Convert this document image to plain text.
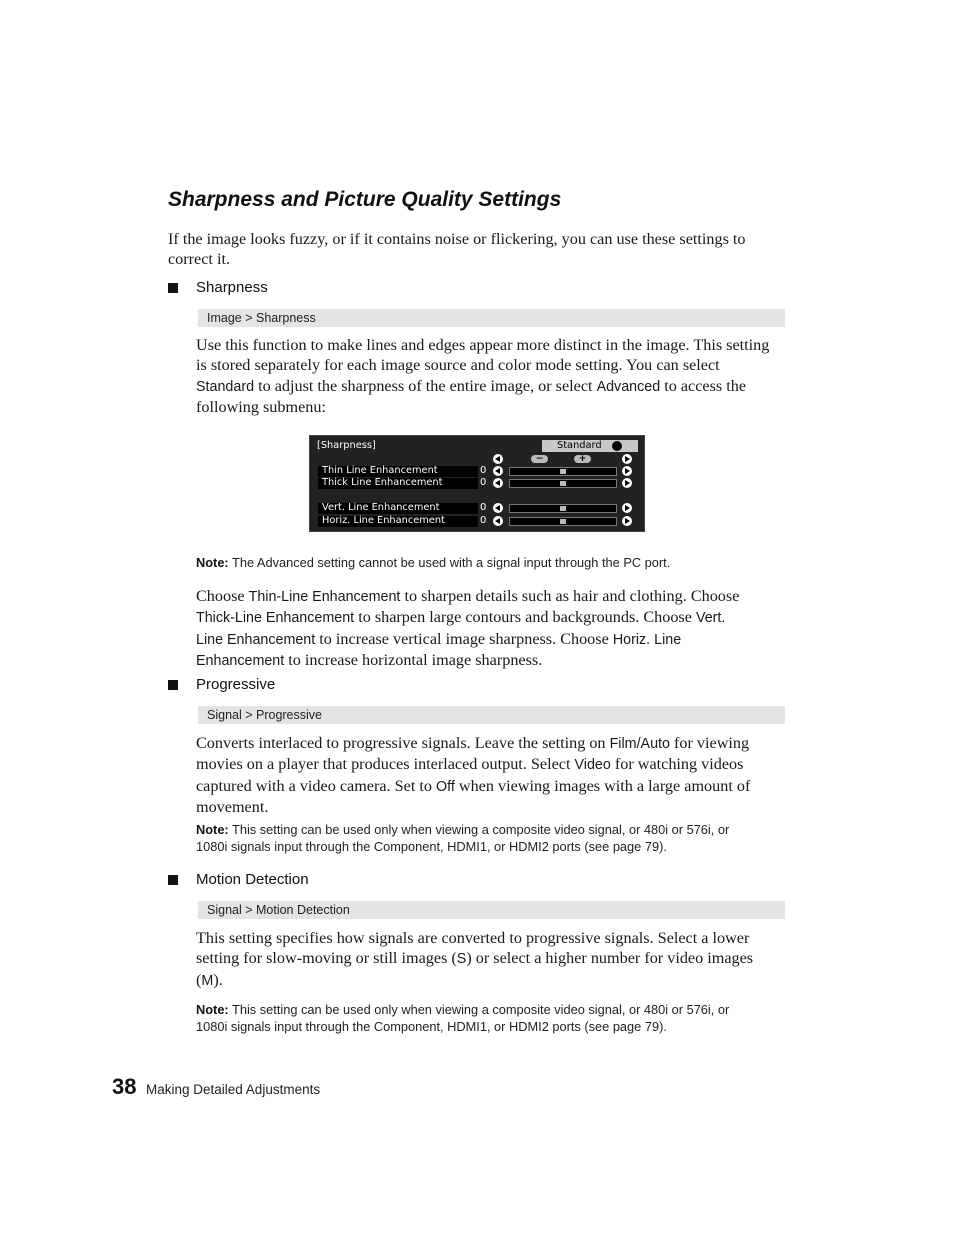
Sharpness and Picture Quality Settings
If the image looks fuzzy, or if it contains noise or flickering, you can use these settings to correct it.
Sharpness
Image > Sharpness
Use this function to make lines and edges appear more distinct in the image. This setting
is stored separately for each image source and color mode setting. You can select
Standard to adjust the sharpness of the entire image, or select Advanced to access the
following submenu:
[Sharpness]	Standard
−	+
Thin Line Enhancement	0
Thick Line Enhancement	0
Vert. Line Enhancement	0
Horiz. Line Enhancement	0
Note: The Advanced setting cannot be used with a signal input through the PC port.
Choose Thin-Line Enhancement to sharpen details such as hair and clothing. Choose
Thick-Line Enhancement to sharpen large contours and backgrounds. Choose Vert.
Line Enhancement to increase vertical image sharpness. Choose Horiz. Line
Enhancement to increase horizontal image sharpness.
Progressive
Signal > Progressive
Converts interlaced to progressive signals. Leave the setting on Film/Auto for viewing
movies on a player that produces interlaced output. Select Video for watching videos
captured with a video camera. Set to Off when viewing images with a large amount of
movement.
Note: This setting can be used only when viewing a composite video signal, or 480i or 576i, or
1080i signals input through the Component, HDMI1, or HDMI2 ports (see page 79).
Motion Detection
Signal > Motion Detection
This setting specifies how signals are converted to progressive signals. Select a lower
setting for slow-moving or still images (S) or select a higher number for video images
(M).
Note: This setting can be used only when viewing a composite video signal, or 480i or 576i, or
1080i signals input through the Component, HDMI1, or HDMI2 ports (see page 79).
38 Making Detailed Adjustments
